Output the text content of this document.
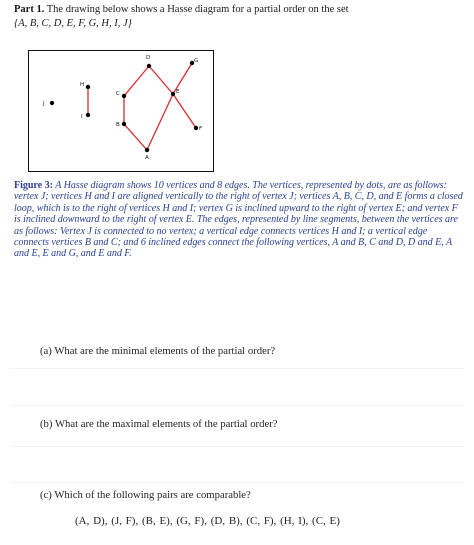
Part 1. The drawing below shows a Hasse diagram for a partial order on the set
{A, B, C, D, E, F, G, H, I, J}
J
H
I
C
B
D
A
E
G
F
Figure 3: A Hasse diagram shows 10 vertices and 8 edges. The vertices, represented by dots, are as follows: vertex J; vertices H and I are aligned vertically to the right of vertex J; vertices A, B, C, D, and E forms a closed loop, which is to the right of vertices H and I; vertex G is inclined upward to the right of vertex E; and vertex F is inclined downward to the right of vertex E. The edges, represented by line segments, between the vertices are as follows: Vertex J is connected to no vertex; a vertical edge connects vertices H and I; a vertical edge connects vertices B and C; and 6 inclined edges connect the following vertices, A and B, C and D, D and E, A and E, E and G, and E and F.
(a) What are the minimal elements of the partial order?
(b) What are the maximal elements of the partial order?
(c) Which of the following pairs are comparable?
(A, D), (J, F), (B, E), (G, F), (D, B), (C, F), (H, I), (C, E)
